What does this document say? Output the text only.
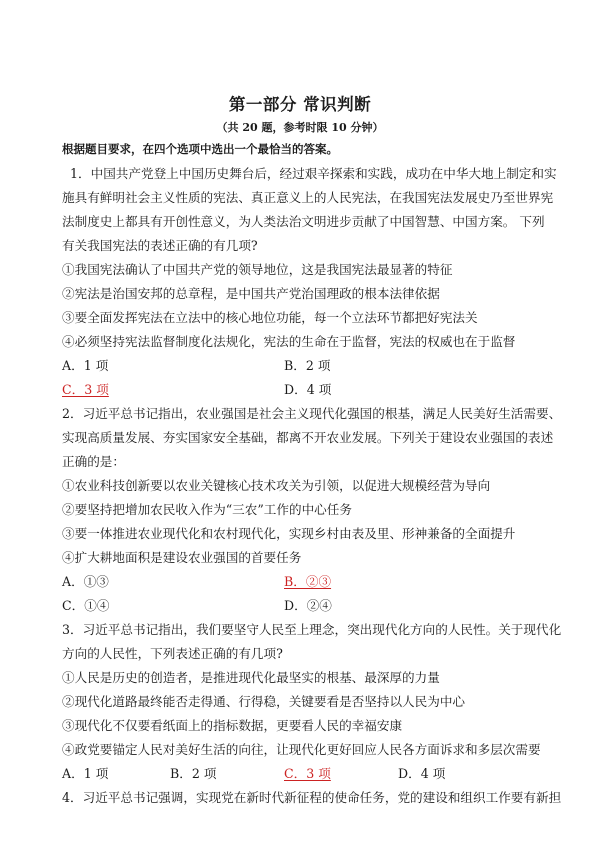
第一部分 常识判断
（共 20 题，参考时限 10 分钟）
根据题目要求，在四个选项中选出一个最恰当的答案。
1．中国共产党登上中国历史舞台后，经过艰辛探索和实践，成功在中华大地上制定和实
施具有鲜明社会主义性质的宪法、真正意义上的人民宪法，在我国宪法发展史乃至世界宪
法制度史上都具有开创性意义，为人类法治文明进步贡献了中国智慧、中国方案。 下列
有关我国宪法的表述正确的有几项?
①我国宪法确认了中国共产党的领导地位，这是我国宪法最显著的特征
②宪法是治国安邦的总章程，是中国共产党治国理政的根本法律依据
③要全面发挥宪法在立法中的核心地位功能，每一个立法环节都把好宪法关
④必须坚持宪法监督制度化法规化，宪法的生命在于监督，宪法的权威也在于监督
A．1 项	B．2 项
C．3 项	D．4 项
2．习近平总书记指出，农业强国是社会主义现代化强国的根基，满足人民美好生活需要、
实现高质量发展、夯实国家安全基础，都离不开农业发展。下列关于建设农业强国的表述
正确的是：
①农业科技创新要以农业关键核心技术攻关为引领，以促进大规模经营为导向
②要坚持把增加农民收入作为“三农”工作的中心任务
③要一体推进农业现代化和农村现代化，实现乡村由表及里、形神兼备的全面提升
④扩大耕地面积是建设农业强国的首要任务
A．①③	B．②③
C．①④	D．②④
3．习近平总书记指出，我们要坚守人民至上理念，突出现代化方向的人民性。关于现代化
方向的人民性，下列表述正确的有几项?
①人民是历史的创造者，是推进现代化最坚实的根基、最深厚的力量
②现代化道路最终能否走得通、行得稳，关键要看是否坚持以人民为中心
③现代化不仅要看纸面上的指标数据，更要看人民的幸福安康
④政党要锚定人民对美好生活的向往，让现代化更好回应人民各方面诉求和多层次需要
A．1 项	B．2 项	C．3 项	D．4 项
4．习近平总书记强调，实现党在新时代新征程的使命任务，党的建设和组织工作要有新担
